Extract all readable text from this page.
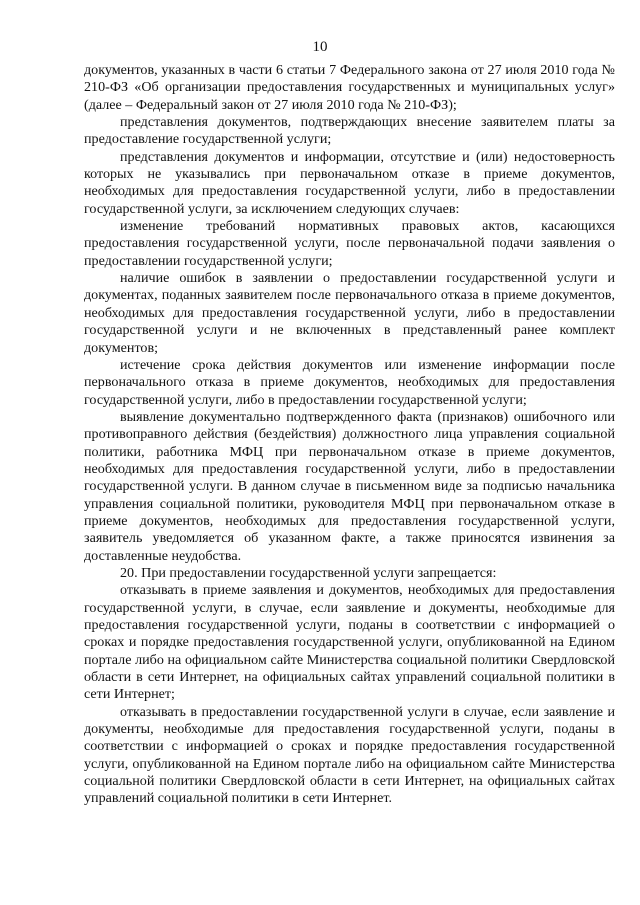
10

документов, указанных в части 6 статьи 7 Федерального закона от 27 июля 2010 года № 210-ФЗ «Об организации предоставления государственных и муниципальных услуг» (далее – Федеральный закон от 27 июля 2010 года № 210-ФЗ);

представления документов, подтверждающих внесение заявителем платы за предоставление государственной услуги;

представления документов и информации, отсутствие и (или) недостоверность которых не указывались при первоначальном отказе в приеме документов, необходимых для предоставления государственной услуги, либо в предоставлении государственной услуги, за исключением следующих случаев:

изменение требований нормативных правовых актов, касающихся предоставления государственной услуги, после первоначальной подачи заявления о предоставлении государственной услуги;

наличие ошибок в заявлении о предоставлении государственной услуги и документах, поданных заявителем после первоначального отказа в приеме документов, необходимых для предоставления государственной услуги, либо в предоставлении государственной услуги и не включенных в представленный ранее комплект документов;

истечение срока действия документов или изменение информации после первоначального отказа в приеме документов, необходимых для предоставления государственной услуги, либо в предоставлении государственной услуги;

выявление документально подтвержденного факта (признаков) ошибочного или противоправного действия (бездействия) должностного лица управления социальной политики, работника МФЦ при первоначальном отказе в приеме документов, необходимых для предоставления государственной услуги, либо в предоставлении государственной услуги. В данном случае в письменном виде за подписью начальника управления социальной политики, руководителя МФЦ при первоначальном отказе в приеме документов, необходимых для предоставления государственной услуги, заявитель уведомляется об указанном факте, а также приносятся извинения за доставленные неудобства.

20. При предоставлении государственной услуги запрещается:

отказывать в приеме заявления и документов, необходимых для предоставления государственной услуги, в случае, если заявление и документы, необходимые для предоставления государственной услуги, поданы в соответствии с информацией о сроках и порядке предоставления государственной услуги, опубликованной на Едином портале либо на официальном сайте Министерства социальной политики Свердловской области в сети Интернет, на официальных сайтах управлений социальной политики в сети Интернет;

отказывать в предоставлении государственной услуги в случае, если заявление и документы, необходимые для предоставления государственной услуги, поданы в соответствии с информацией о сроках и порядке предоставления государственной услуги, опубликованной на Едином портале либо на официальном сайте Министерства социальной политики Свердловской области в сети Интернет, на официальных сайтах управлений социальной политики в сети Интернет.
